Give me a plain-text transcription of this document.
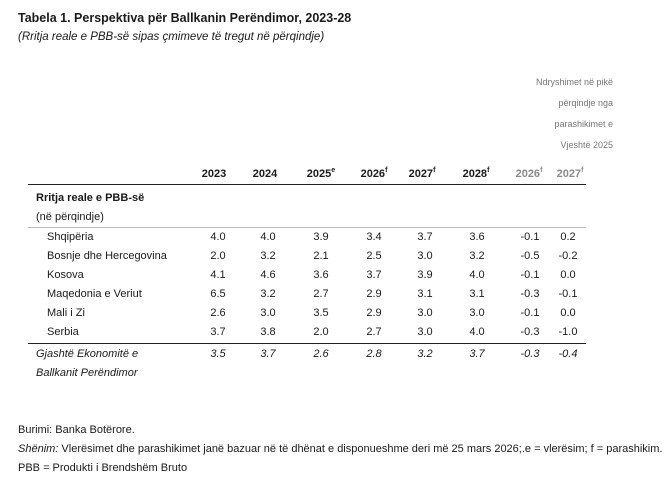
Tabela 1. Perspektiva për Ballkanin Perëndimor, 2023-28
(Rritja reale e PBB-së sipas çmimeve të tregut në përqindje)
Ndryshimet në pikë
përqindje nga
parashikimet e
Vjeshtë 2025
2023	2024	2025e	2026$^f$	2027$^f$	2028$^f$	2026$^f$	2027$^f$
Rritja reale e PBB-së
(në përqindje)
Shqipëria	4.0	4.0	3.9	3.4	3.7	3.6	-0.1	0.2
Bosnje dhe Hercegovina	2.0	3.2	2.1	2.5	3.0	3.2	-0.5	-0.2
Kosova	4.1	4.6	3.6	3.7	3.9	4.0	-0.1	0.0
Maqedonia e Veriut	6.5	3.2	2.7	2.9	3.1	3.1	-0.3	-0.1
Mali i Zi	2.6	3.0	3.5	2.9	3.0	3.0	-0.1	0.0
Serbia	3.7	3.8	2.0	2.7	3.0	4.0	-0.3	-1.0
Gjashtë Ekonomitë e
Ballkanit Perëndimor
3.5	3.7	2.6	2.8	3.2	3.7	-0.3	-0.4
Burimi: Banka Botërore.
Shënim: Vlerësimet dhe parashikimet janë bazuar në të dhënat e disponueshme deri më 25 mars 2026;.e = vlerësim; f = parashikim.
PBB = Produkti i Brendshëm Bruto
